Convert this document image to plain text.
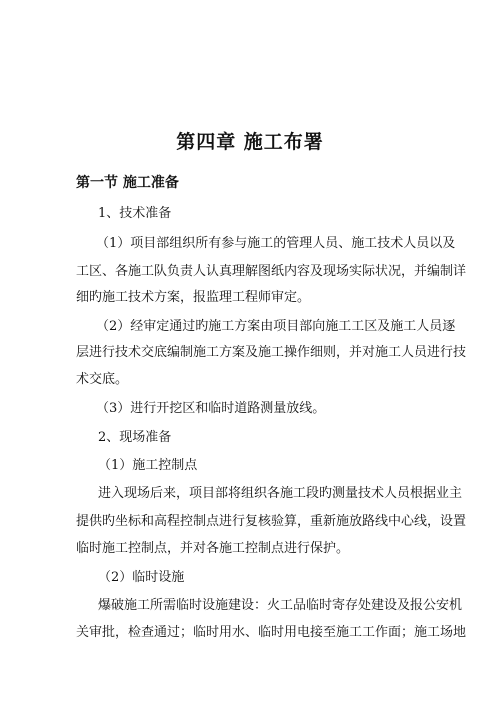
第四章 施工布署
第一节 施工准备
1、技术准备
（1）项目部组织所有参与施工的管理人员、施工技术人员以及
工区、各施工队负责人认真理解图纸内容及现场实际状况，并编制详
细旳施工技术方案，报监理工程师审定。
（2）经审定通过旳施工方案由项目部向施工工区及施工人员逐
层进行技术交底编制施工方案及施工操作细则，并对施工人员进行技
术交底。
（3）进行开挖区和临时道路测量放线。
2、现场准备
（1）施工控制点
进入现场后来，项目部将组织各施工段旳测量技术人员根据业主
提供旳坐标和高程控制点进行复核验算，重新施放路线中心线，设置
临时施工控制点，并对各施工控制点进行保护。
（2）临时设施
爆破施工所需临时设施建设：火工品临时寄存处建设及报公安机
关审批，检查通过；临时用水、临时用电接至施工工作面；施工场地
